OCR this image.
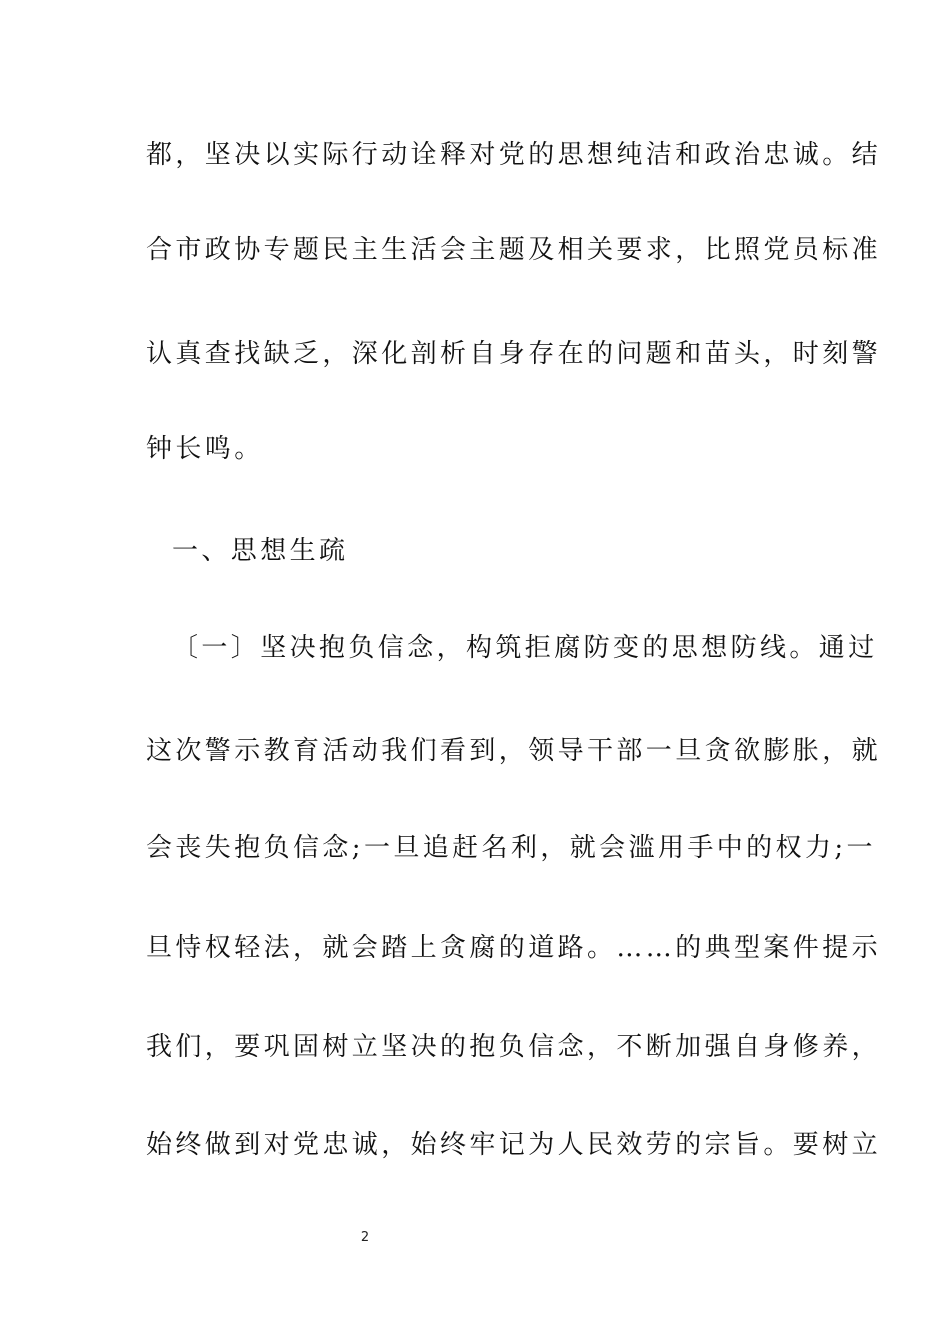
都，坚决以实际行动诠释对党的思想纯洁和政治忠诚。结
合市政协专题民主生活会主题及相关要求，比照党员标准
认真查找缺乏，深化剖析自身存在的问题和苗头，时刻警
钟长鸣。
一、思想生疏
〔一〕坚决抱负信念，构筑拒腐防变的思想防线。通过
这次警示教育活动我们看到，领导干部一旦贪欲膨胀，就
会丧失抱负信念;一旦追赶名利，就会滥用手中的权力;一
旦恃权轻法，就会踏上贪腐的道路。……的典型案件提示
我们，要巩固树立坚决的抱负信念，不断加强自身修养，
始终做到对党忠诚，始终牢记为人民效劳的宗旨。要树立
2
